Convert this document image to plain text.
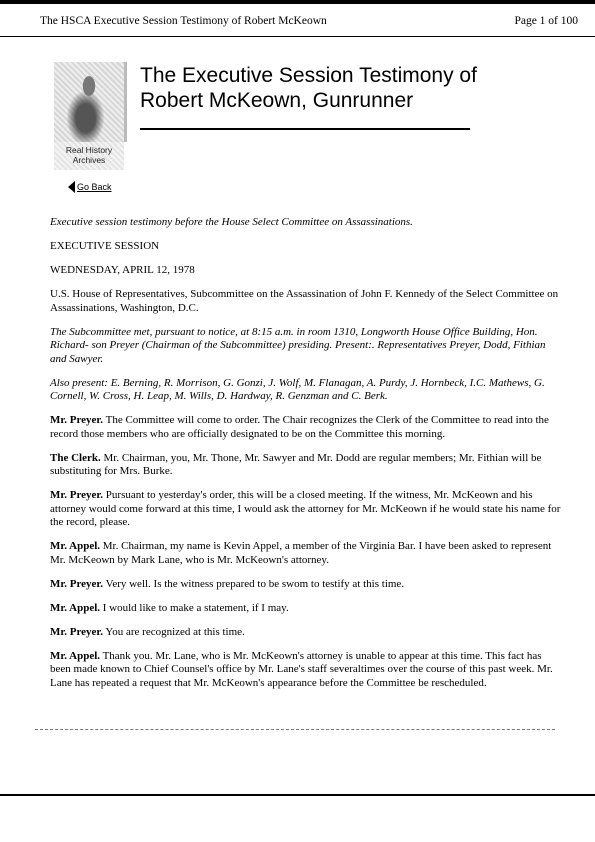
The HSCA Executive Session Testimony of Robert McKeown	Page 1 of 100
Real History
Archives
The Executive Session Testimony of
Robert McKeown, Gunrunner
Go Back

Executive session testimony before the House Select Committee on Assassinations.

EXECUTIVE SESSION

WEDNESDAY, APRIL 12, 1978

U.S. House of Representatives, Subcommittee on the Assassination of John F. Kennedy of the Select Committee on Assassinations, Washington, D.C.

The Subcommittee met, pursuant to notice, at 8:15 a.m. in room 1310, Longworth House Office Building, Hon. Richard- son Preyer (Chairman of the Subcommittee) presiding. Present:. Representatives Preyer, Dodd, Fithian and Sawyer.

Also present: E. Berning, R. Morrison, G. Gonzi, J. Wolf, M. Flanagan, A. Purdy, J. Hornbeck, I.C. Mathews, G. Cornell, W. Cross, H. Leap, M. Wills, D. Hardway, R. Genzman and C. Berk.

Mr. Preyer. The Committee will come to order. The Chair recognizes the Clerk of the Committee to read into the record those members who are officially designated to be on the Committee this morning.

The Clerk. Mr. Chairman, you, Mr. Thone, Mr. Sawyer and Mr. Dodd are regular members; Mr. Fithian will be substituting for Mrs. Burke.

Mr. Preyer. Pursuant to yesterday's order, this will be a closed meeting. If the witness, Mr. McKeown and his attorney would come forward at this time, I would ask the attorney for Mr. McKeown if he would state his name for the record, please.

Mr. Appel. Mr. Chairman, my name is Kevin Appel, a member of the Virginia Bar. I have been asked to represent Mr. McKeown by Mark Lane, who is Mr. McKeown's attorney.

Mr. Preyer. Very well. Is the witness prepared to be swom to testify at this time.

Mr. Appel. I would like to make a statement, if I may.

Mr. Preyer. You are recognized at this time.

Mr. Appel. Thank you. Mr. Lane, who is Mr. McKeown's attorney is unable to appear at this time. This fact has been made known to Chief Counsel's office by Mr. Lane's staff severaltimes over the course of this past week. Mr. Lane has repeated a request that Mr. McKeown's appearance before the Committee be rescheduled.
